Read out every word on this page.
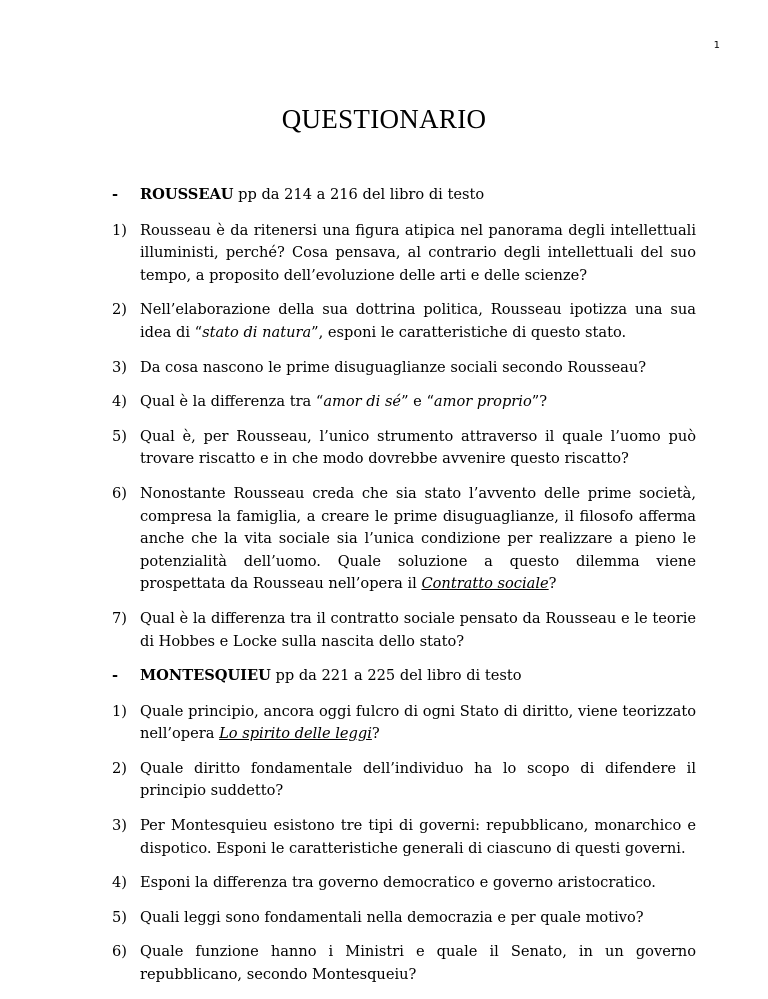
1
QUESTIONARIO
- ROUSSEAU pp da 214 a 216 del libro di testo
1) Rousseau è da ritenersi una figura atipica nel panorama degli intellettuali illuministi, perché? Cosa pensava, al contrario degli intellettuali del suo tempo, a proposito dell’evoluzione delle arti e delle scienze?
2) Nell’elaborazione della sua dottrina politica, Rousseau ipotizza una sua idea di “stato di natura”, esponi le caratteristiche di questo stato.
3) Da cosa nascono le prime disuguaglianze sociali secondo Rousseau?
4) Qual è la differenza tra “amor di sé” e “amor proprio”?
5) Qual è, per Rousseau, l’unico strumento attraverso il quale l’uomo può trovare riscatto e in che modo dovrebbe avvenire questo riscatto?
6) Nonostante Rousseau creda che sia stato l’avvento delle prime società, compresa la famiglia, a creare le prime disuguaglianze, il filosofo afferma anche che la vita sociale sia l’unica condizione per realizzare a pieno le potenzialità dell’uomo. Quale soluzione a questo dilemma viene prospettata da Rousseau nell’opera il Contratto sociale?
7) Qual è la differenza tra il contratto sociale pensato da Rousseau e le teorie di Hobbes e Locke sulla nascita dello stato?
- MONTESQUIEU pp da 221 a 225 del libro di testo
1) Quale principio, ancora oggi fulcro di ogni Stato di diritto, viene teorizzato nell’opera Lo spirito delle leggi?
2) Quale diritto fondamentale dell’individuo ha lo scopo di difendere il principio suddetto?
3) Per Montesquieu esistono tre tipi di governi: repubblicano, monarchico e dispotico. Esponi le caratteristiche generali di ciascuno di questi governi.
4) Esponi la differenza tra governo democratico e governo aristocratico.
5) Quali leggi sono fondamentali nella democrazia e per quale motivo?
6) Quale funzione hanno i Ministri e quale il Senato, in un governo repubblicano, secondo Montesqueiu?
